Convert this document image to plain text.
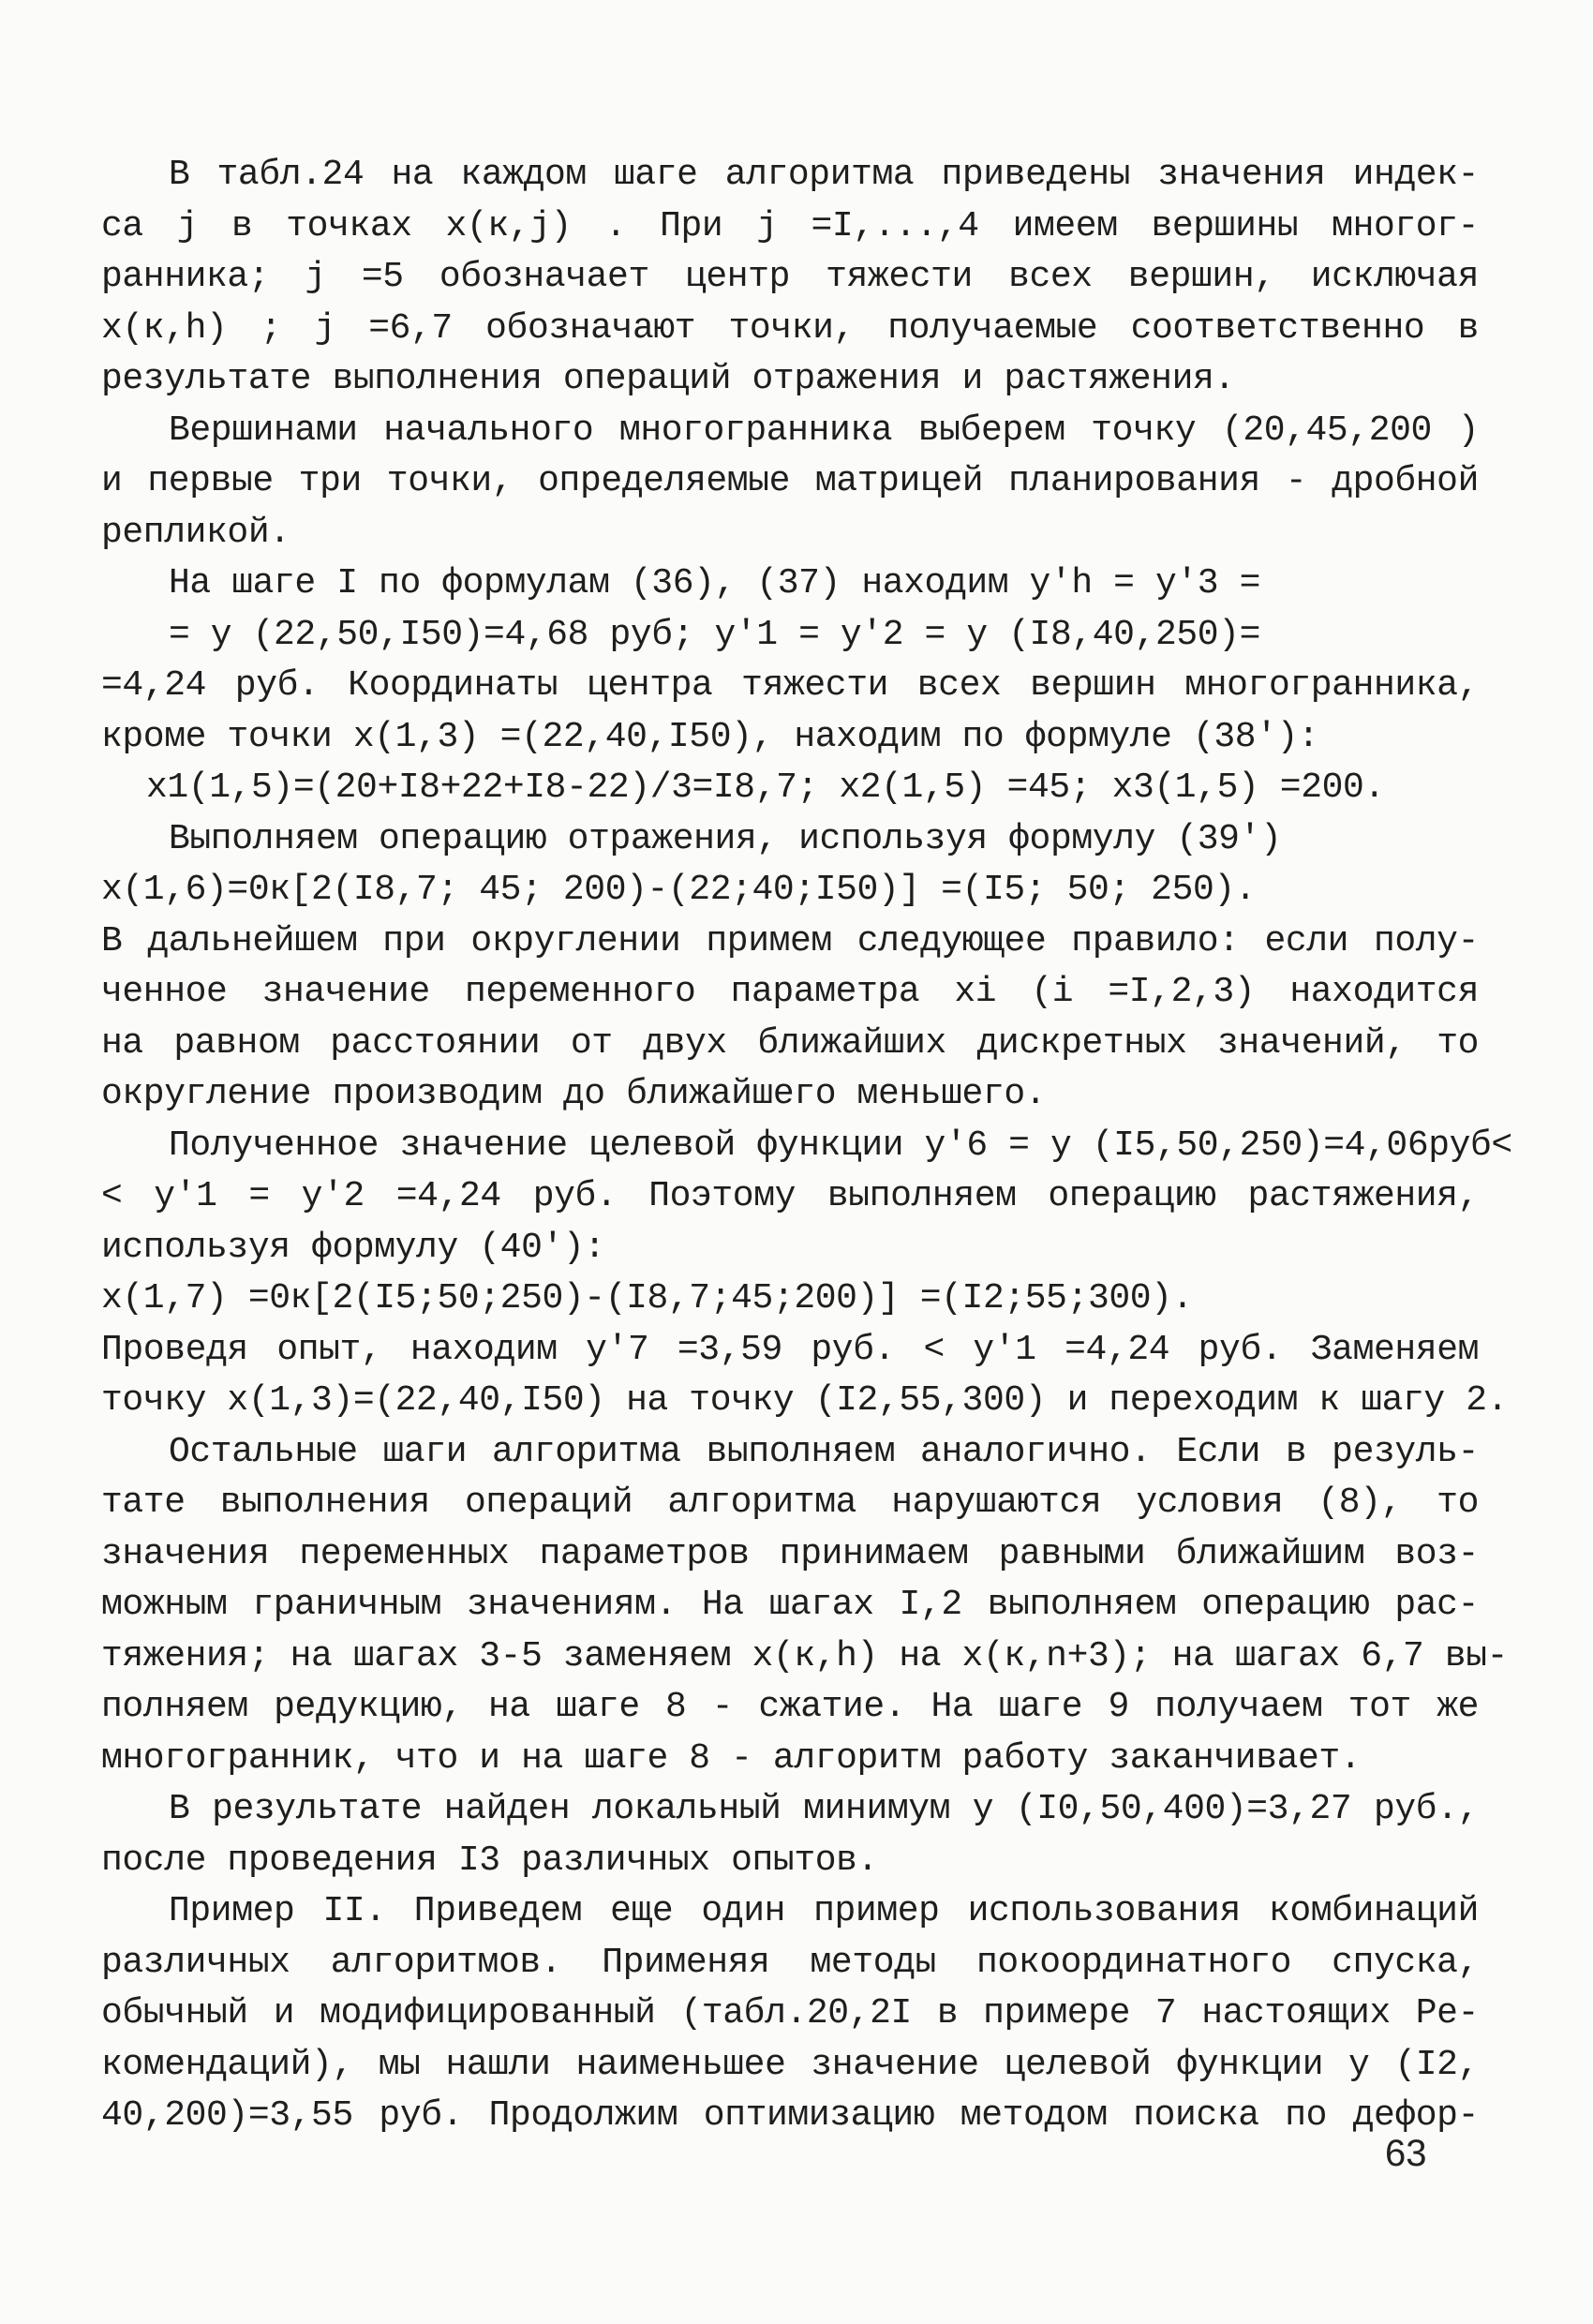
В табл.24 на каждом шаге алгоритма приведены значения индек-
са j в точках x(к,j) . При j =I,...,4 имеем вершины многог-
ранника; j =5 обозначает центр тяжести всех вершин, исключая
x(к,h) ; j =6,7 обозначают точки, получаемые соответственно в
результате выполнения операций отражения и растяжения.
Вершинами начального многогранника выберем точку (20,45,200 )
и первые три точки, определяемые матрицей планирования - дробной
репликой.
На шаге I по формулам (36), (37) находим y'h = y'3 =
= y (22,50,I50)=4,68 руб; y'1 = y'2 = y (I8,40,250)=
=4,24 руб. Координаты центра тяжести всех вершин многогранника,
кроме точки x(1,3) =(22,40,I50), находим по формуле (38'):
x1(1,5)=(20+I8+22+I8-22)/3=I8,7; x2(1,5) =45; x3(1,5) =200.
Выполняем операцию отражения, используя формулу (39')
x(1,6)=0к[2(I8,7; 45; 200)-(22;40;I50)] =(I5; 50; 250).
В дальнейшем при округлении примем следующее правило: если полу-
ченное значение переменного параметра xi (i =I,2,3) находится
на равном расстоянии от двух ближайших дискретных значений, то
округление производим до ближайшего меньшего.
Полученное значение целевой функции y'6 = y (I5,50,250)=4,06руб<
< y'1 = y'2 =4,24 руб. Поэтому выполняем операцию растяжения,
используя формулу (40'):
x(1,7) =0к[2(I5;50;250)-(I8,7;45;200)] =(I2;55;300).
Проведя опыт, находим y'7 =3,59 руб. < y'1 =4,24 руб. Заменяем
точку x(1,3)=(22,40,I50) на точку (I2,55,300) и переходим к шагу 2.
Остальные шаги алгоритма выполняем аналогично. Если в резуль-
тате выполнения операций алгоритма нарушаются условия (8), то
значения переменных параметров принимаем равными ближайшим воз-
можным граничным значениям. На шагах I,2 выполняем операцию рас-
тяжения; на шагах 3-5 заменяем x(к,h) на x(к,n+3); на шагах 6,7 вы-
полняем редукцию, на шаге 8 - сжатие. На шаге 9 получаем тот же
многогранник, что и на шаге 8 - алгоритм работу заканчивает.
В результате найден локальный минимум y (I0,50,400)=3,27 руб.,
после проведения I3 различных опытов.
Пример II. Приведем еще один пример использования комбинаций
различных алгоритмов. Применяя методы покоординатного спуска,
обычный и модифицированный (табл.20,2I в примере 7 настоящих Ре-
комендаций), мы нашли наименьшее значение целевой функции y (I2,
40,200)=3,55 руб. Продолжим оптимизацию методом поиска по дефор-
63
